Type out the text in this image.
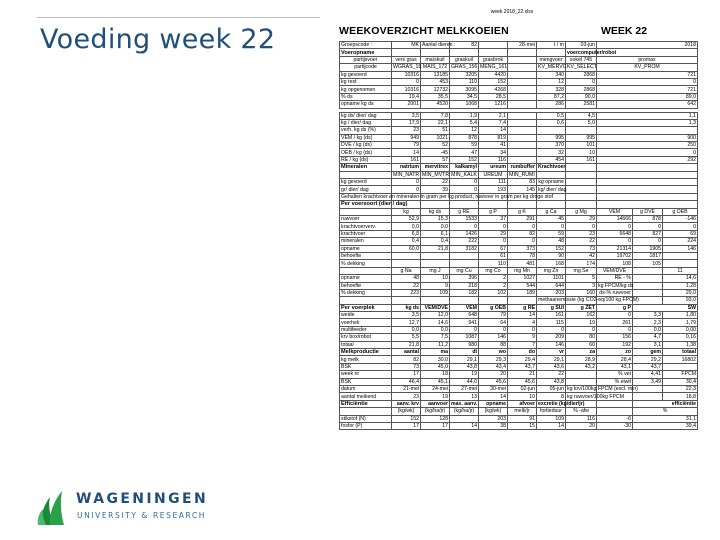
Voeding week 22
week 2018_22.xlsx
WEEKOVERZICHT MELKKOEIEN	WEEK 22
Groepscode :	MK	Aantal dieren :	82		28-mei	t / m	03-jun	2018		
Voeropname							voercomputer/robot			
partijsvoer	vers gras	maïskuil	graskuil	grasbrok		mengvoer	sokel 745	promax		
partijcode	WGRAS_18	MAIS_172	GRAS_156	MENG_161		KV_MERVC	KV_SELECT	KV_PROM		
kg gevoerd	10316	13185	3205	4420		340	2868	721		
kg rest	0	453	110	152		12	0	0		
kg opgenomen	10316	12732	3095	4268		328	2868	721		
% ds	19,4	35,5	34,5	28,5		87,2	90,0	89,0		
opname kg ds	2001	4520	1068	1216		286	2581	642		

kg ds/ dier/ dag	3,5	7,8	1,9	2,1		0,5	4,5	1,1		
kg / dier/ dag	17,9	22,1	5,4	7,4		0,6	5,0	1,3		
verh. kg ds (%)	23	51	12	14						
VEM / kg (ds)	949	1021	878	819		995	995	900		
DVE / kg (ds)	79	52	59	41		370	101	250		
OEB / kg (ds)	14	-45	47	34		32	10	0		
RE / kg (ds)	161	57	152	116		454	161	292		
Mineralen	natrium	mervitrex	kalkamyl	ureum	rumbuffer	Krachtvoer				
	MIN_NATR	MIN_MVTR	MIN_KALK	UREUM	MIN_RUMI					
kg gevoerd	0	22	0	111	83	kg opname				
gr/ dier/ dag	0	39	0	193	145	kg/ dier/ dag				
Gehalten krachtvoer en mineralen in gram per kg product, ruwvoer in gram per kg droge stof										
Per voersoort (dier / dag)										
	kg	kg ds	g RE	g P	g K	g Ca	g Mg	VEM	g DVE	g OEB
ruwvoer	52,9	15,3	1533	37	291	45	29	14666	878	-146
krachtvoerverv.	0,0	0,0	0	0	0	0	0	0	0	0
krachtvoer	6,8	6,1	1426	29	82	59	23	6648	827	69
mineralen	0,4	0,4	222	0	0	48	22	0	0	224
opname	60,0	21,8	3182	67	373	152	73	21314	1905	146
behoefte				61	78	90	42	19702	1817	
% dekking				110	481	168	174	108	105	
	g Na	mg J	mg Cu	mg Co	mg Mn	mg Zn	mg Se	VEM/DVE		11
opname	48	10	396	2	1027	1101	5	RE - %		14,6
behoefte	22	9	218	2	544	644	3	kg FPCM/kg ds		1,28
% dekking	223	109	182	102	189	203	160	ds-% ruwvoer		29,0
						methaanemissie (kg CO2-eq/100 kg FPCM)				93,0
Per voerplek	kg ds	VEM/DVE	VEM	g OEB	g RE	g SUI	g ZET	g P	SW	
weide	3,5	12,0	648	79	14	161	162	0	3,3	1,80
voerhek	12,7	14,6	941	64	4	115	19	261	2,3	1,79
multifeeder	0,0	0,0	0	0	0	0	0	0	0,0	0,00
krv box/robot	5,5	7,5	1087	146	9	209	80	156	4,7	0,16
totaal	21,8	11,2	980	88	7	146	60	192	3,1	1,38
Melkproductie	aantal	ma	di	wo	do	vr	za	zo	gem	totaal
kg melk	82	30,0	29,1	29,3	29,4	29,1	28,9	28,4	29,2	16802
BSK	73	45,0	43,8	43,4	43,7	43,6	43,2	43,1	43,7	
week nr	17	18	19	20	21	22		% vet	4,41	FPCM
BSK	46,4	45,1	44,0	45,6	45,6	43,8		% eiwit	3,49	30,4
datum	21-mei	24-mei	27-mei	30-mei	02-jun	05-jun	kg krv/100kg FPCM (excl. min)			22,3
aantal melkend	23	19	13	14	10	8	kg ruwvoer/100kg FPCM			18,8
Efficiëntie	aanv. krv	aanvoer	max. aanv.	opname	afvoer	excretie (kg/dier/jr)			efficiëntie	
	(kg/wk)	(kg/ha/jr)	(kg/ha/jr)	(kg/wk)	melk/jr	fortieduur	% -afw		%	
stikstof (N)	152	128		203	91	109	116	-6	31,1	
fosfor (P)	17	17	14	38	15	14	20	-30	39,4	
WAGENINGEN
UNIVERSITY & RESEARCH
